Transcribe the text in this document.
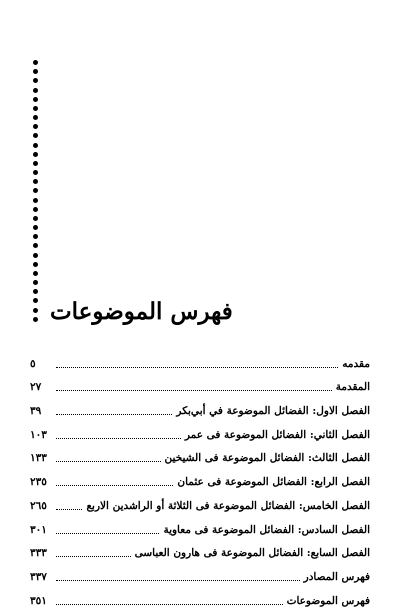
فهرس الموضوعات
مقدمه
٥
المقدمة
٢٧
الفصل الاول: الفضائل الموضوعة في أبي‌بكر
٣٩
الفصل الثاني: الفضائل الموضوعة فی عمر
١٠٣
الفصل الثالث: الفضائل الموضوعة فی الشيخين
١٣٣
الفصل الرابع: الفضائل الموضوعة فی عثمان
٢٣٥
الفصل الخامس: الفضائل الموضوعة فی الثلاثة أو الراشدين الاربع
٢٦٥
الفصل السادس: الفضائل الموضوعة فی معاوية
٣٠١
الفصل السابع: الفضائل الموضوعة فی هارون العباسی
٣٣٣
فهرس المصادر
٣٣٧
فهرس الموضوعات
٣٥١
